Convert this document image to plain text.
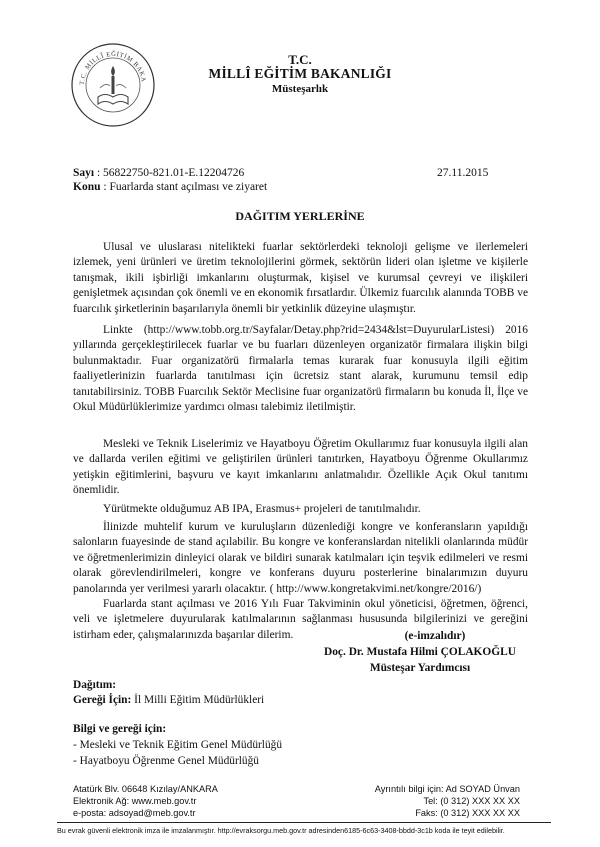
T.C. MİLLÎ EĞİTİM BAKA
T.C.
MİLLÎ EĞİTİM BAKANLIĞI
Müsteşarlık
Sayı : 56822750-821.01-E.12204726	27.11.2015
Konu : Fuarlarda stant açılması ve ziyaret
DAĞITIM YERLERİNE
Ulusal ve uluslarası nitelikteki fuarlar sektörlerdeki teknoloji gelişme ve ilerlemeleri izlemek, yeni ürünleri ve üretim teknolojilerini görmek, sektörün lideri olan işletme ve kişilerle tanışmak, ikili işbirliği imkanlarını oluşturmak, kişisel ve kurumsal çevreyi ve ilişkileri genişletmek açısından çok önemli ve en ekonomik fırsatlardır. Ülkemiz fuarcılık alanında TOBB ve fuarcılık şirketlerinin başarılarıyla önemli bir yetkinlik düzeyine ulaşmıştır.
Linkte (http://www.tobb.org.tr/Sayfalar/Detay.php?rid=2434&lst=DuyurularListesi) 2016 yıllarında gerçekleştirilecek fuarlar ve bu fuarları düzenleyen organizatör firmalara ilişkin bilgi bulunmaktadır. Fuar organizatörü firmalarla temas kurarak fuar konusuyla ilgili eğitim faaliyetlerinizin fuarlarda tanıtılması için ücretsiz stant alarak, kurumunu temsil edip tanıtabilirsiniz. TOBB Fuarcılık Sektör Meclisine fuar organizatörü firmaların bu konuda İl, İlçe ve Okul Müdürlüklerimize yardımcı olması talebimiz iletilmiştir.
Mesleki ve Teknik Liselerimiz ve Hayatboyu Öğretim Okullarımız fuar konusuyla ilgili alan ve dallarda verilen eğitimi ve geliştirilen ürünleri tanıtırken, Hayatboyu Öğrenme Okullarımız yetişkin eğitimlerini, başvuru ve kayıt imkanlarını anlatmalıdır. Özellikle Açık Okul tanıtımı önemlidir.
Yürütmekte olduğumuz AB IPA, Erasmus+ projeleri de tanıtılmalıdır.
İlinizde muhtelif kurum ve kuruluşların düzenlediği kongre ve konferansların yapıldığı salonların fuayesinde de stand açılabilir. Bu kongre ve konferanslardan nitelikli olanlarında müdür ve öğretmenlerimizin dinleyici olarak ve bildiri sunarak katılmaları için teşvik edilmeleri ve resmi olarak görevlendirilmeleri, kongre ve konferans duyuru posterlerine binalarımızın duyuru panolarında yer verilmesi yararlı olacaktır. ( http://www.kongretakvimi.net/kongre/2016/)
Fuarlarda stant açılması ve 2016 Yılı Fuar Takviminin okul yöneticisi, öğretmen, öğrenci, veli ve işletmelere duyurularak katılmalarının sağlanması hususunda bilgilerinizi ve gereğini istirham eder, çalışmalarınızda başarılar dilerim.	(e-imzalıdır)
Doç. Dr. Mustafa Hilmi ÇOLAKOĞLU
Müsteşar Yardımcısı
Dağıtım:
Gereği İçin: İl Milli Eğitim Müdürlükleri
Bilgi ve gereği için:
- Mesleki ve Teknik Eğitim Genel Müdürlüğü
- Hayatboyu Öğrenme Genel Müdürlüğü
Atatürk Blv. 06648 Kızılay/ANKARA
Elektronik Ağ: www.meb.gov.tr
e-posta: adsoyad@meb.gov.tr
Ayrıntılı bilgi için: Ad SOYAD Ünvan
Tel: (0 312) XXX XX XX
Faks: (0 312) XXX XX XX
Bu evrak güvenli elektronik imza ile imzalanmıştır. http://evraksorgu.meb.gov.tr adresinden6185-6c63-3408-bbdd-3c1b koda ile teyit edilebilir.
